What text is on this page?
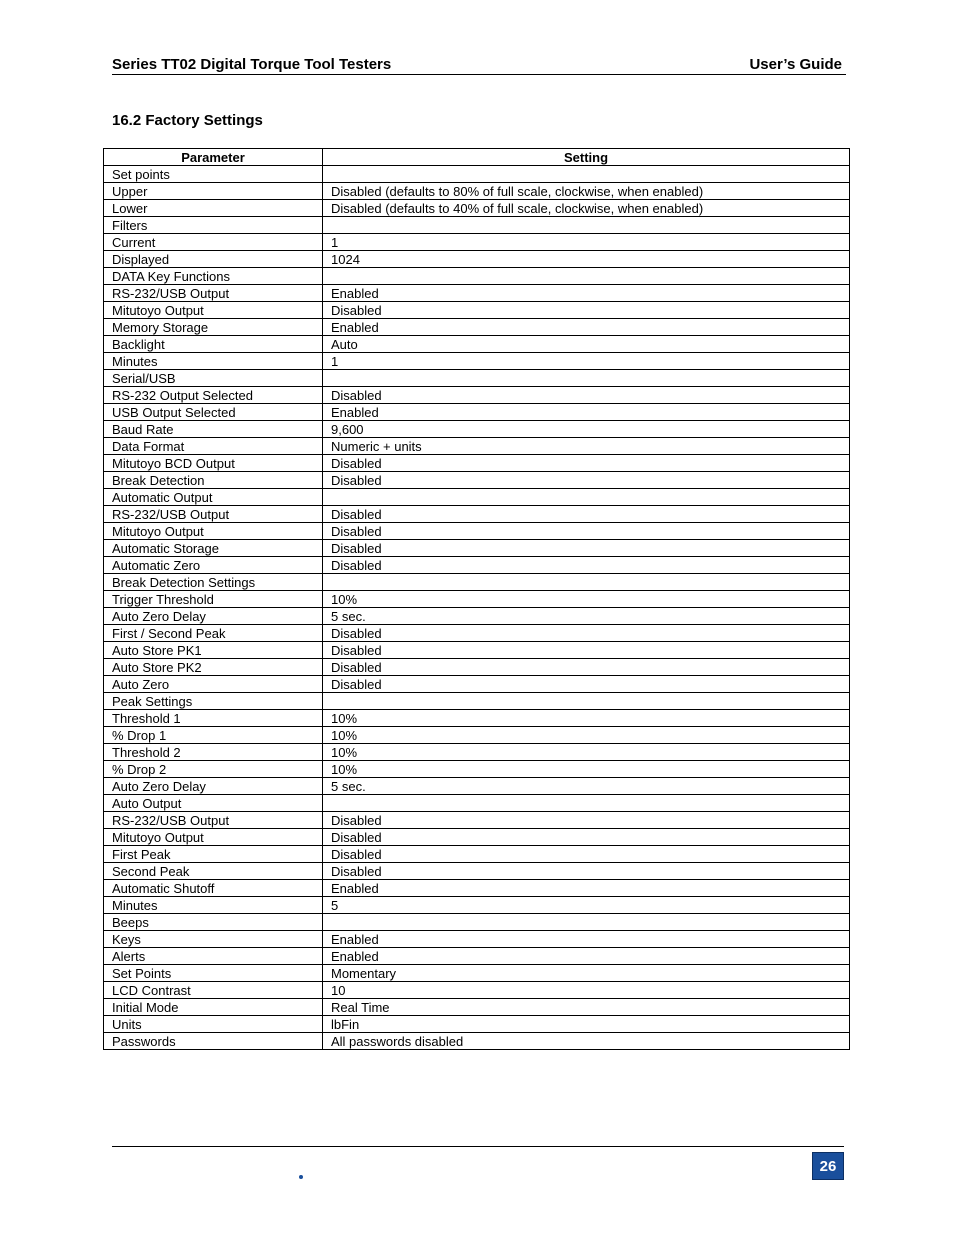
Series TT02 Digital Torque Tool Testers	User’s Guide
16.2 Factory Settings
Parameter	Setting
Set points	
Upper	Disabled (defaults to 80% of full scale, clockwise, when enabled)
Lower	Disabled (defaults to 40% of full scale, clockwise, when enabled)
Filters	
Current	1
Displayed	1024
DATA Key Functions	
RS-232/USB Output	Enabled
Mitutoyo Output	Disabled
Memory Storage	Enabled
Backlight	Auto
Minutes	1
Serial/USB	
RS-232 Output Selected	Disabled
USB Output Selected	Enabled
Baud Rate	9,600
Data Format	Numeric + units
Mitutoyo BCD Output	Disabled
Break Detection	Disabled
Automatic Output	
RS-232/USB Output	Disabled
Mitutoyo Output	Disabled
Automatic Storage	Disabled
Automatic Zero	Disabled
Break Detection Settings	
Trigger Threshold	10%
Auto Zero Delay	5 sec.
First / Second Peak	Disabled
Auto Store PK1	Disabled
Auto Store PK2	Disabled
Auto Zero	Disabled
Peak Settings	
Threshold 1	10%
% Drop 1	10%
Threshold 2	10%
% Drop 2	10%
Auto Zero Delay	5 sec.
Auto Output	
RS-232/USB Output	Disabled
Mitutoyo Output	Disabled
First Peak	Disabled
Second Peak	Disabled
Automatic Shutoff	Enabled
Minutes	5
Beeps	
Keys	Enabled
Alerts	Enabled
Set Points	Momentary
LCD Contrast	10
Initial Mode	Real Time
Units	lbFin
Passwords	All passwords disabled
26
